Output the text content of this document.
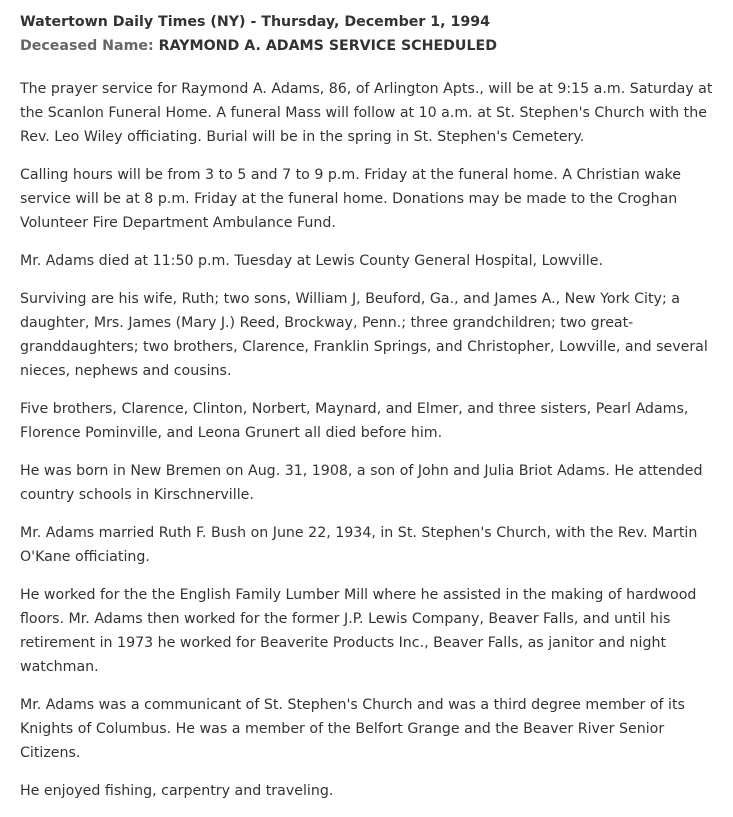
Watertown Daily Times (NY) - Thursday, December 1, 1994
Deceased Name: RAYMOND A. ADAMS SERVICE SCHEDULED

The prayer service for Raymond A. Adams, 86, of Arlington Apts., will be at 9:15 a.m. Saturday at the Scanlon Funeral Home. A funeral Mass will follow at 10 a.m. at St. Stephen's Church with the Rev. Leo Wiley officiating. Burial will be in the spring in St. Stephen's Cemetery.

Calling hours will be from 3 to 5 and 7 to 9 p.m. Friday at the funeral home. A Christian wake service will be at 8 p.m. Friday at the funeral home. Donations may be made to the Croghan Volunteer Fire Department Ambulance Fund.

Mr. Adams died at 11:50 p.m. Tuesday at Lewis County General Hospital, Lowville.

Surviving are his wife, Ruth; two sons, William J, Beuford, Ga., and James A., New York City; a daughter, Mrs. James (Mary J.) Reed, Brockway, Penn.; three grandchildren; two great-granddaughters; two brothers, Clarence, Franklin Springs, and Christopher, Lowville, and several nieces, nephews and cousins.

Five brothers, Clarence, Clinton, Norbert, Maynard, and Elmer, and three sisters, Pearl Adams, Florence Pominville, and Leona Grunert all died before him.

He was born in New Bremen on Aug. 31, 1908, a son of John and Julia Briot Adams. He attended country schools in Kirschnerville.

Mr. Adams married Ruth F. Bush on June 22, 1934, in St. Stephen's Church, with the Rev. Martin O'Kane officiating.

He worked for the the English Family Lumber Mill where he assisted in the making of hardwood floors. Mr. Adams then worked for the former J.P. Lewis Company, Beaver Falls, and until his retirement in 1973 he worked for Beaverite Products Inc., Beaver Falls, as janitor and night watchman.

Mr. Adams was a communicant of St. Stephen's Church and was a third degree member of its Knights of Columbus. He was a member of the Belfort Grange and the Beaver River Senior Citizens.

He enjoyed fishing, carpentry and traveling.
